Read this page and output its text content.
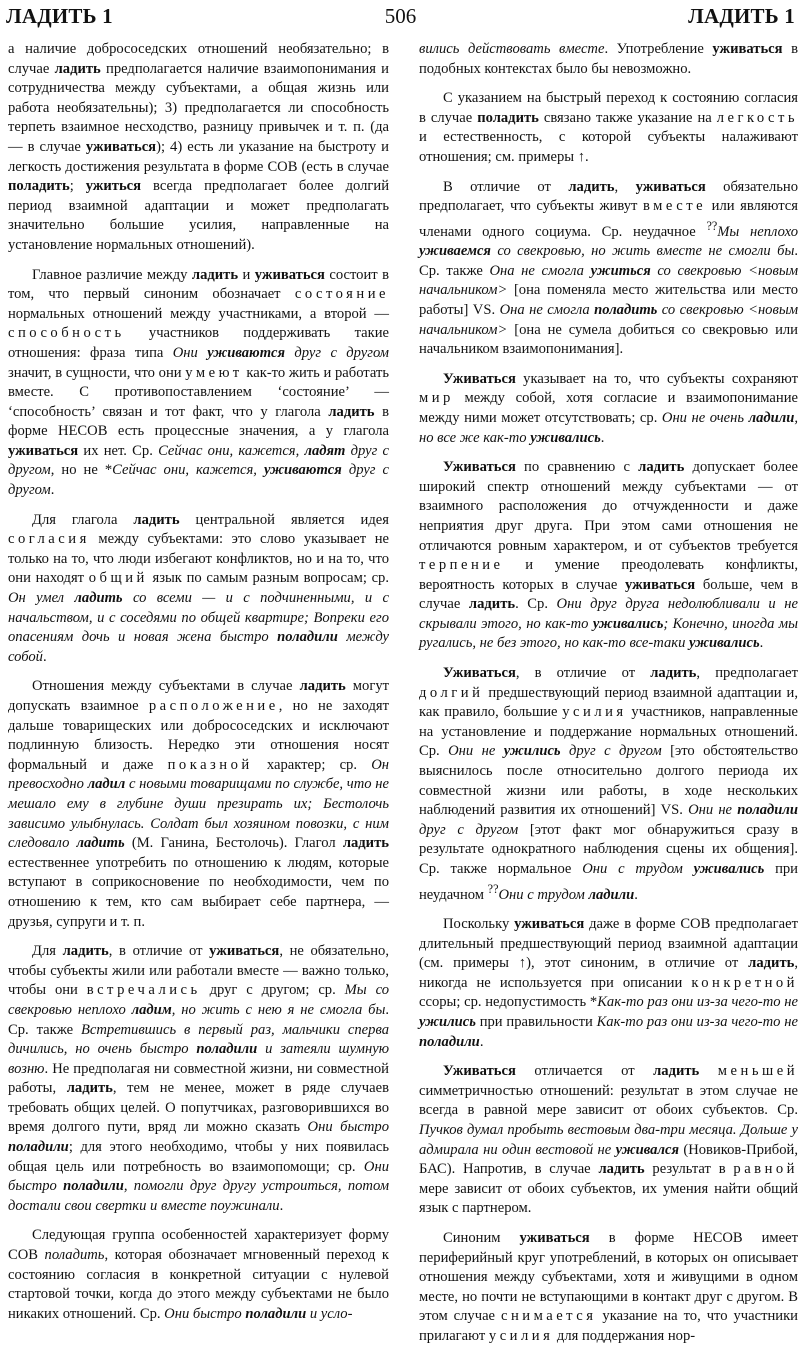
ЛАДИТЬ 1	506	ЛАДИТЬ 1

а наличие добрососедских отношений необязательно; в случае ладить предполагается наличие взаимопонимания и сотрудничества между субъектами, а общая жизнь или работа необязательны); 3) предполагается ли способность терпеть взаимное несходство, разницу привычек и т. п. (да — в случае уживаться); 4) есть ли указание на быстроту и легкость достижения результата в форме СОВ (есть в случае поладить; ужиться всегда предполагает более долгий период взаимной адаптации и может предполагать значительно большие усилия, направленные на установление нормальных отношений).

Главное различие между ладить и уживаться состоит в том, что первый синоним обозначает состояние нормальных отношений между участниками, а второй — способность участников поддерживать такие отношения: фраза типа Они уживаются друг с другом значит, в сущности, что они умеют как-то жить и работать вместе. С противопоставлением ‘состояние’ — ‘способность’ связан и тот факт, что у глагола ладить в форме НЕСОВ есть процессные значения, а у глагола уживаться их нет. Ср. Сейчас они, кажется, ладят друг с другом, но не *Сейчас они, кажется, уживаются друг с другом.

Для глагола ладить центральной является идея согласия между субъектами: это слово указывает не только на то, что люди избегают конфликтов, но и на то, что они находят общий язык по самым разным вопросам; ср. Он умел ладить со всеми — и с подчиненными, и с начальством, и с соседями по общей квартире; Вопреки его опасениям дочь и новая жена быстро поладили между собой.

Отношения между субъектами в случае ладить могут допускать взаимное расположение, но не заходят дальше товарищеских или добрососедских и исключают подлинную близость. Нередко эти отношения носят формальный и даже показной характер; ср. Он превосходно ладил с новыми товарищами по службе, что не мешало ему в глубине души презирать их; Бестолочь зависимо улыбнулась. Солдат был хозяином повозки, с ним следовало ладить (М. Ганина, Бестолочь). Глагол ладить естественнее употребить по отношению к людям, которые вступают в соприкосновение по необходимости, чем по отношению к тем, кто сам выбирает себе партнера, — друзья, супруги и т. п.

Для ладить, в отличие от уживаться, не обязательно, чтобы субъекты жили или работали вместе — важно только, чтобы они встречались друг с другом; ср. Мы со свекровью неплохо ладим, но жить с нею я не смогла бы. Ср. также Встретившись в первый раз, мальчики сперва дичились, но очень быстро поладили и затеяли шумную возню. Не предполагая ни совместной жизни, ни совместной работы, ладить, тем не менее, может в ряде случаев требовать общих целей. О попутчиках, разговорившихся во время долгого пути, вряд ли можно сказать Они быстро поладили; для этого необходимо, чтобы у них появилась общая цель или потребность во взаимопомощи; ср. Они быстро поладили, помогли друг другу устроиться, потом достали свои свертки и вместе поужинали.

Следующая группа особенностей характеризует форму СОВ поладить, которая обозначает мгновенный переход к состоянию согласия в конкретной ситуации с нулевой стартовой точки, когда до этого между субъектами не было никаких отношений. Ср. Они быстро поладили и усло-

вились действовать вместе. Употребление уживаться в подобных контекстах было бы невозможно.

С указанием на быстрый переход к состоянию согласия в случае поладить связано также указание на легкость и естественность, с которой субъекты налаживают отношения; см. примеры ↑.

В отличие от ладить, уживаться обязательно предполагает, что субъекты живут вместе или являются членами одного социума. Ср. неудачное ??Мы неплохо уживаемся со свекровью, но жить вместе не смогли бы. Ср. также Она не смогла ужиться со свекровью <новым начальником> [она поменяла место жительства или место работы] VS. Она не смогла поладить со свекровью <новым начальником> [она не сумела добиться со свекровью или начальником взаимопонимания].

Уживаться указывает на то, что субъекты сохраняют мир между собой, хотя согласие и взаимопонимание между ними может отсутствовать; ср. Они не очень ладили, но все же как-то уживались.

Уживаться по сравнению с ладить допускает более широкий спектр отношений между субъектами — от взаимного расположения до отчужденности и даже неприятия друг друга. При этом сами отношения не отличаются ровным характером, и от субъектов требуется терпение и умение преодолевать конфликты, вероятность которых в случае уживаться больше, чем в случае ладить. Ср. Они друг друга недолюбливали и не скрывали этого, но как-то уживались; Конечно, иногда мы ругались, не без этого, но как-то все-таки уживались.

Уживаться, в отличие от ладить, предполагает долгий предшествующий период взаимной адаптации и, как правило, большие усилия участников, направленные на установление и поддержание нормальных отношений. Ср. Они не ужились друг с другом [это обстоятельство выяснилось после относительно долгого периода их совместной жизни или работы, в ходе нескольких наблюдений развития их отношений] VS. Они не поладили друг с другом [этот факт мог обнаружиться сразу в результате однократного наблюдения сцены их общения]. Ср. также нормальное Они с трудом уживались при неудачном ??Они с трудом ладили.

Поскольку уживаться даже в форме СОВ предполагает длительный предшествующий период взаимной адаптации (см. примеры ↑), этот синоним, в отличие от ладить, никогда не используется при описании конкретной ссоры; ср. недопустимость *Как-то раз они из-за чего-то не ужились при правильности Как-то раз они из-за чего-то не поладили.

Уживаться отличается от ладить меньшей симметричностью отношений: результат в этом случае не всегда в равной мере зависит от обоих субъектов. Ср. Пучков думал пробыть вестовым два-три месяца. Дольше у адмирала ни один вестовой не уживался (Новиков-Прибой, БАС). Напротив, в случае ладить результат в равной мере зависит от обоих субъектов, их умения найти общий язык с партнером.

Синоним уживаться в форме НЕСОВ имеет периферийный круг употреблений, в которых он описывает отношения между субъектами, хотя и живущими в одном месте, но почти не вступающими в контакт друг с другом. В этом случае снимается указание на то, что участники прилагают усилия для поддержания нор-
